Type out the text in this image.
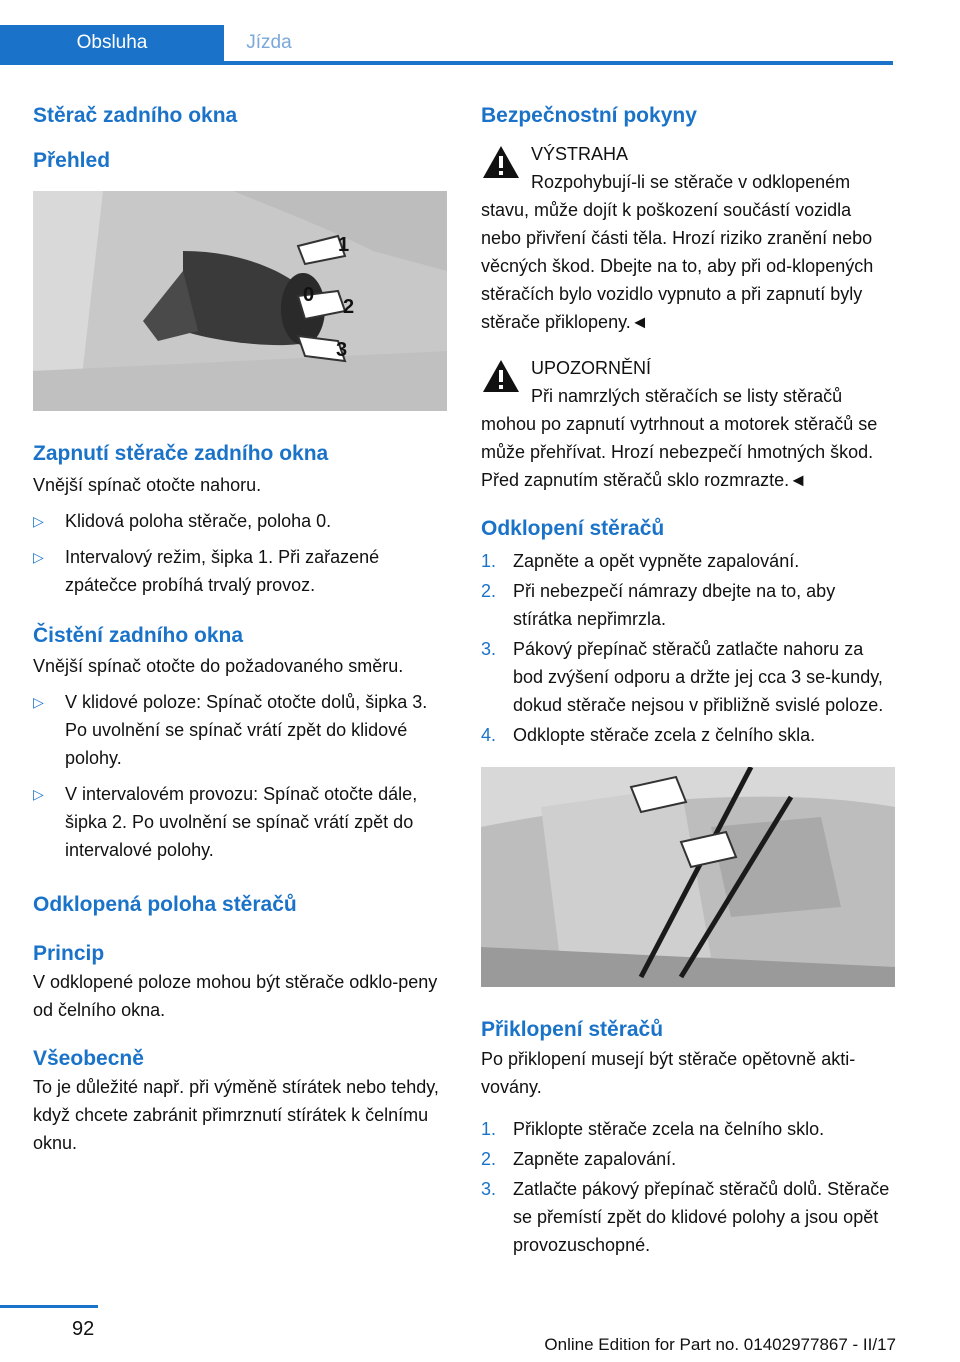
Obsluha	Jízda
Stěrač zadního okna
Přehled
1
0
2
3
Zapnutí stěrače zadního okna

Vnější spínač otočte nahoru.

▷ Klidová poloha stěrače, poloha 0.
▷ Intervalový režim, šipka 1. Při zařazené zpátečce probíhá trvalý provoz.
Čistění zadního okna

Vnější spínač otočte do požadovaného směru.

▷ V klidové poloze: Spínač otočte dolů, šipka 3. Po uvolnění se spínač vrátí zpět do klidové polohy.
▷ V intervalovém provozu: Spínač otočte dále, šipka 2. Po uvolnění se spínač vrátí zpět do intervalové polohy.
Odklopená poloha stěračů
Princip

V odklopené poloze mohou být stěrače odklo‐peny od čelního okna.

Všeobecně

To je důležité např. při výměně stírátek nebo tehdy, když chcete zabránit přimrznutí stírátek k čelnímu oknu.

Bezpečnostní pokyny

VÝSTRAHA

Rozpohybují-li se stěrače v odklopeném stavu, může dojít k poškození součástí vozidla nebo přivření části těla. Hrozí riziko zranění nebo věcných škod. Dbejte na to, aby při od‐klopených stěračích bylo vozidlo vypnuto a při zapnutí byly stěrače přiklopeny.◄

UPOZORNĚNÍ

Při namrzlých stěračích se listy stěračů mohou po zapnutí vytrhnout a motorek stěračů se může přehřívat. Hrozí nebezpečí hmotných škod. Před zapnutím stěračů sklo rozmrazte.◄

Odklopení stěračů
1. Zapněte a opět vypněte zapalování.
2. Při nebezpečí námrazy dbejte na to, aby stírátka nepřimrzla.
3. Pákový přepínač stěračů zatlačte nahoru za bod zvýšení odporu a držte jej cca 3 se‐kundy, dokud stěrače nejsou v přibližně svislé poloze.
4. Odklopte stěrače zcela z čelního skla.
Přiklopení stěračů

Po přiklopení musejí být stěrače opětovně akti‐vovány.

1. Přiklopte stěrače zcela na čelního sklo.
2. Zapněte zapalování.
3. Zatlačte pákový přepínač stěračů dolů. Stěrače se přemístí zpět do klidové polohy a jsou opět provozuschopné.
92
Online Edition for Part no. 01402977867 - II/17
